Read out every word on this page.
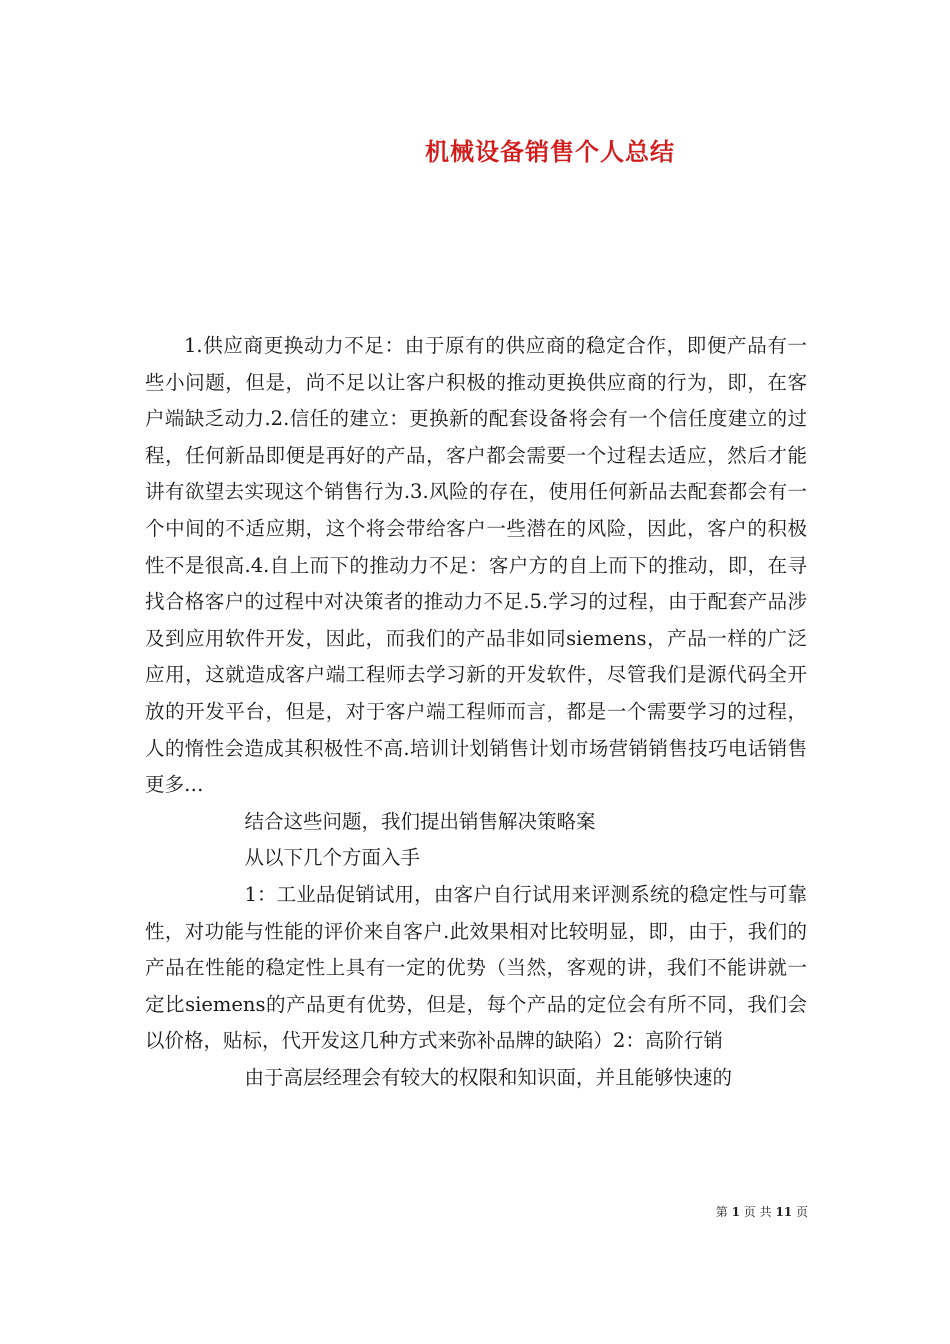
机械设备销售个人总结

1.供应商更换动力不足：由于原有的供应商的稳定合作，即便产品有一些小问题，但是，尚不足以让客户积极的推动更换供应商的行为，即，在客户端缺乏动力.2.信任的建立：更换新的配套设备将会有一个信任度建立的过程，任何新品即便是再好的产品，客户都会需要一个过程去适应，然后才能讲有欲望去实现这个销售行为.3.风险的存在，使用任何新品去配套都会有一个中间的不适应期，这个将会带给客户一些潜在的风险，因此，客户的积极性不是很高.4.自上而下的推动力不足：客户方的自上而下的推动，即，在寻找合格客户的过程中对决策者的推动力不足.5.学习的过程，由于配套产品涉及到应用软件开发，因此，而我们的产品非如同siemens，产品一样的广泛应用，这就造成客户端工程师去学习新的开发软件，尽管我们是源代码全开放的开发平台，但是，对于客户端工程师而言，都是一个需要学习的过程，人的惰性会造成其积极性不高.培训计划销售计划市场营销销售技巧电话销售更多…

结合这些问题，我们提出销售解决策略案

从以下几个方面入手

1：工业品促销试用，由客户自行试用来评测系统的稳定性与可靠性，对功能与性能的评价来自客户.此效果相对比较明显，即，由于，我们的产品在性能的稳定性上具有一定的优势（当然，客观的讲，我们不能讲就一定比siemens的产品更有优势，但是，每个产品的定位会有所不同，我们会以价格，贴标，代开发这几种方式来弥补品牌的缺陷）2：高阶行销

由于高层经理会有较大的权限和知识面，并且能够快速的

第 1 页 共 11 页
